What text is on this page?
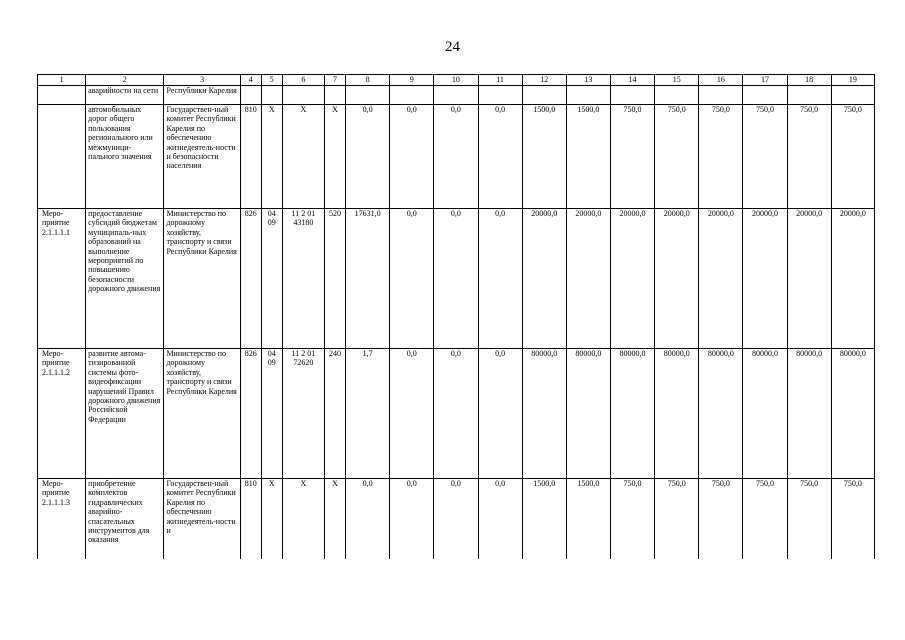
24
1	2	3	4	5	6	7	8	9	10	11	12	13	14	15	16	17	18	19
	аварийности на сети	Республики Карелия																
	автомобильных дорог общего пользования регионального или межмуници-пального значения	Государствен-ный комитет Республики Карелия по обеспечению жизнедеятель-ности и безопасности населения	810	X	X	X	0,0	0,0	0,0	0,0	1500,0	1500,0	750,0	750,0	750,0	750,0	750,0	750,0
Меро-приятие 2.1.1.1.1	предоставление субсидий бюджетам муниципаль-ных образований на выполнение мероприятий по повышению безопасности дорожного движения	Министерство по дорожному хозяйству, транспорту и связи Республики Карелия	826	04 09	11 2 01 43180	520	17631,0	0,0	0,0	0,0	20000,0	20000,0	20000,0	20000,0	20000,0	20000,0	20000,0	20000,0
Меро-приятие 2.1.1.1.2	развитие автома-тизированной системы фото-видеофиксации нарушений Правил дорожного движения Российской Федерации	Министерство по дорожному хозяйству, транспорту и связи Республики Карелия	826	04 09	11 2 01 72620	240	1,7	0,0	0,0	0,0	80000,0	80000,0	80000,0	80000,0	80000,0	80000,0	80000,0	80000,0
Меро-приятие 2.1.1.1.3	приобретение комплектов гидравлических аварийно-спасательных инструментов для оказания	Государствен-ный комитет Республики Карелия по обеспечению жизнедеятель-ности и	810	X	X	X	0,0	0,0	0,0	0,0	1500,0	1500,0	750,0	750,0	750,0	750,0	750,0	750,0
